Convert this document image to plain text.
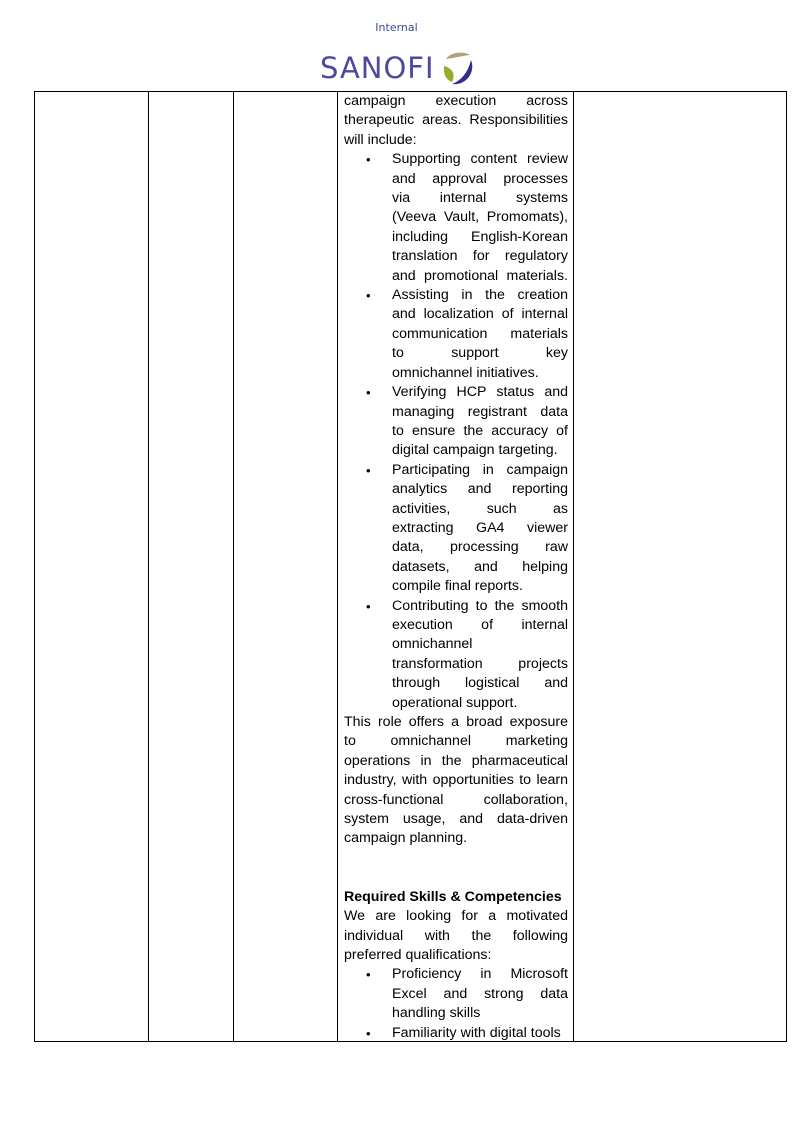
Internal
SANOFI
campaign execution across
therapeutic areas. Responsibilities
will include:
• Supporting content review
and approval processes
via internal systems
(Veeva Vault, Promomats),
including English-Korean
translation for regulatory
and promotional materials.
• Assisting in the creation
and localization of internal
communication materials
to support key
omnichannel initiatives.
• Verifying HCP status and
managing registrant data
to ensure the accuracy of
digital campaign targeting.
• Participating in campaign
analytics and reporting
activities, such as
extracting GA4 viewer
data, processing raw
datasets, and helping
compile final reports.
• Contributing to the smooth
execution of internal
omnichannel
transformation projects
through logistical and
operational support.
This role offers a broad exposure
to omnichannel marketing
operations in the pharmaceutical
industry, with opportunities to learn
cross-functional collaboration,
system usage, and data-driven
campaign planning.
Required Skills & Competencies
We are looking for a motivated
individual with the following
preferred qualifications:
• Proficiency in Microsoft
Excel and strong data
handling skills
• Familiarity with digital tools
